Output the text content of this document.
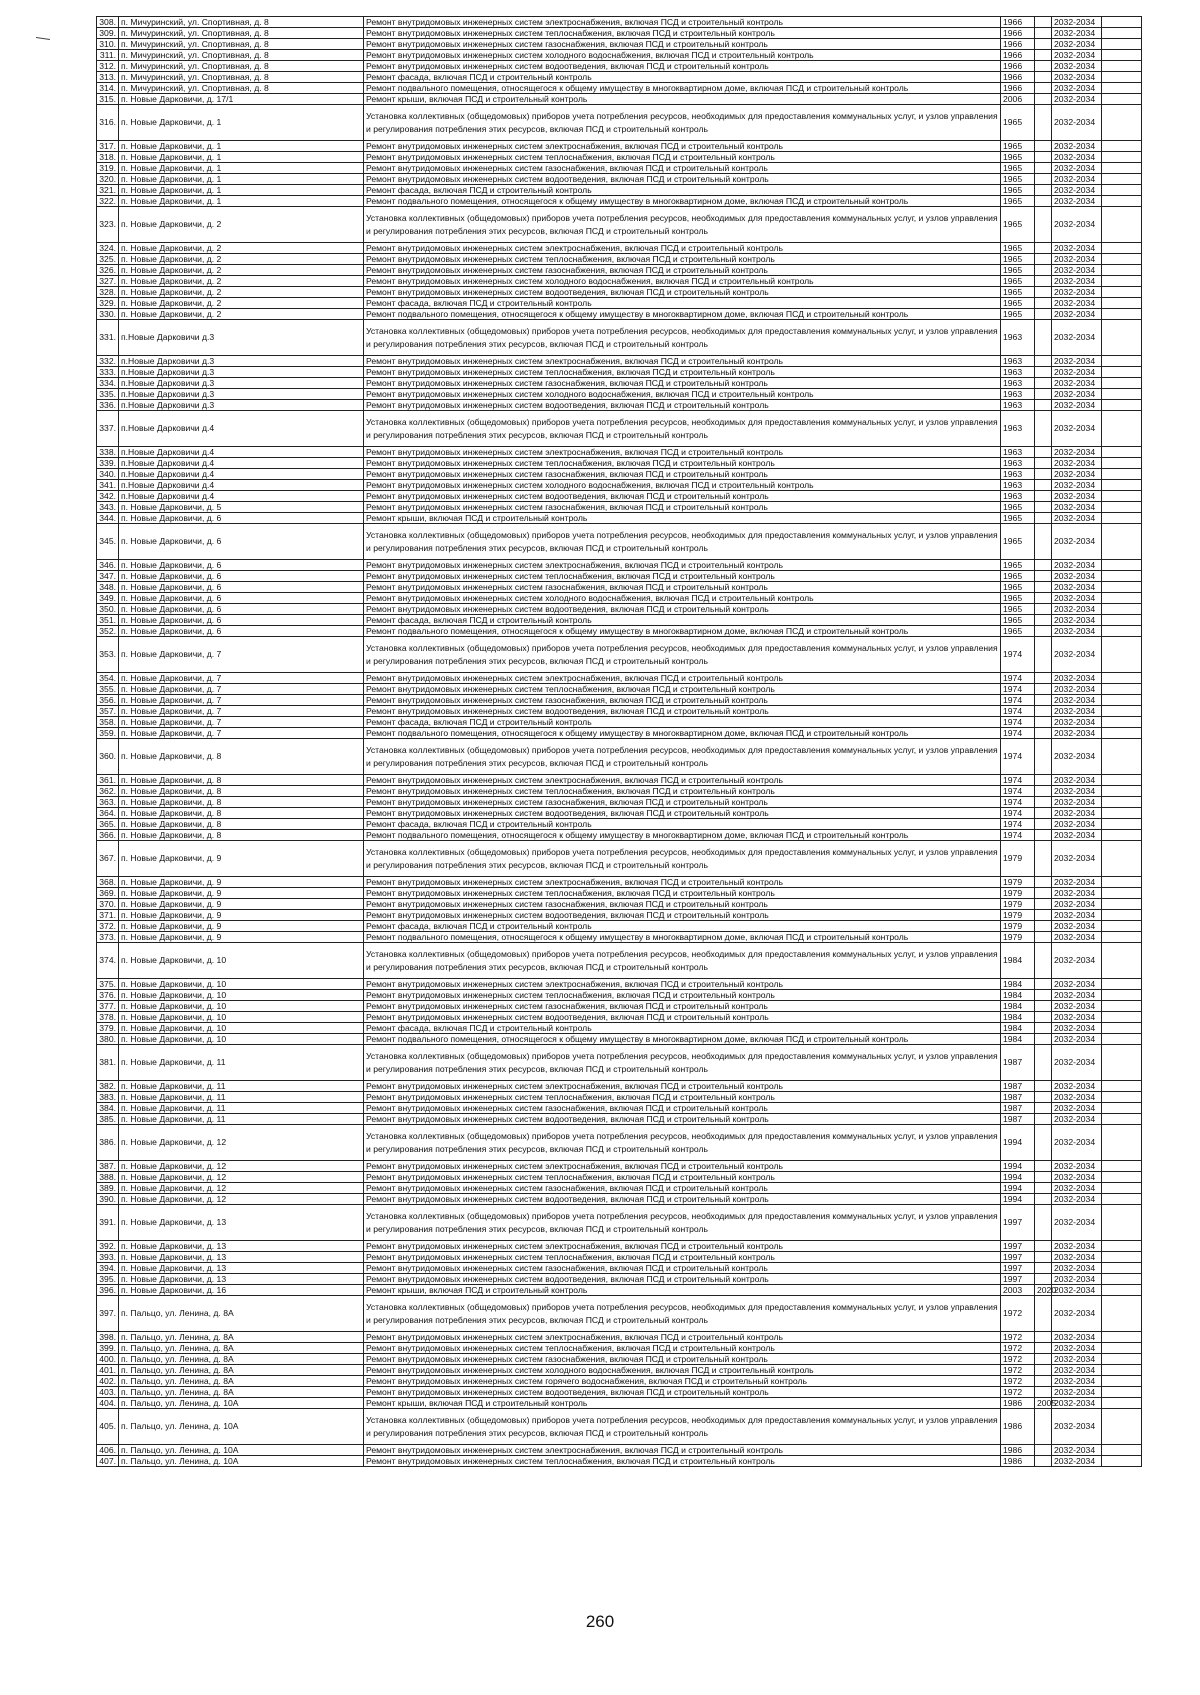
308.	п. Мичуринский, ул. Спортивная, д. 8	Ремонт внутридомовых инженерных систем электроснабжения, включая ПСД и строительный контроль	1966		2032-2034	
309.	п. Мичуринский, ул. Спортивная, д. 8	Ремонт внутридомовых инженерных систем теплоснабжения, включая ПСД и строительный контроль	1966		2032-2034	
310.	п. Мичуринский, ул. Спортивная, д. 8	Ремонт внутридомовых инженерных систем газоснабжения, включая ПСД и строительный контроль	1966		2032-2034	
311.	п. Мичуринский, ул. Спортивная, д. 8	Ремонт внутридомовых инженерных систем холодного водоснабжения, включая ПСД и строительный контроль	1966		2032-2034	
312.	п. Мичуринский, ул. Спортивная, д. 8	Ремонт внутридомовых инженерных систем водоотведения, включая ПСД и строительный контроль	1966		2032-2034	
313.	п. Мичуринский, ул. Спортивная, д. 8	Ремонт фасада, включая ПСД и строительный контроль	1966		2032-2034	
314.	п. Мичуринский, ул. Спортивная, д. 8	Ремонт подвального помещения, относящегося к общему имуществу в многоквартирном доме, включая ПСД и строительный контроль	1966		2032-2034	
315.	п. Новые Дарковичи, д. 17/1	Ремонт крыши, включая ПСД и строительный контроль	2006		2032-2034	
316.	п. Новые Дарковичи, д. 1	Установка коллективных (общедомовых) приборов учета потребления ресурсов, необходимых для предоставления коммунальных услуг, и узлов управления и регулирования потребления этих ресурсов, включая ПСД и строительный контроль	1965		2032-2034	
317.	п. Новые Дарковичи, д. 1	Ремонт внутридомовых инженерных систем электроснабжения, включая ПСД и строительный контроль	1965		2032-2034	
318.	п. Новые Дарковичи, д. 1	Ремонт внутридомовых инженерных систем теплоснабжения, включая ПСД и строительный контроль	1965		2032-2034	
319.	п. Новые Дарковичи, д. 1	Ремонт внутридомовых инженерных систем газоснабжения, включая ПСД и строительный контроль	1965		2032-2034	
320.	п. Новые Дарковичи, д. 1	Ремонт внутридомовых инженерных систем водоотведения, включая ПСД и строительный контроль	1965		2032-2034	
321.	п. Новые Дарковичи, д. 1	Ремонт фасада, включая ПСД и строительный контроль	1965		2032-2034	
322.	п. Новые Дарковичи, д. 1	Ремонт подвального помещения, относящегося к общему имуществу в многоквартирном доме, включая ПСД и строительный контроль	1965		2032-2034	
323.	п. Новые Дарковичи, д. 2	Установка коллективных (общедомовых) приборов учета потребления ресурсов, необходимых для предоставления коммунальных услуг, и узлов управления и регулирования потребления этих ресурсов, включая ПСД и строительный контроль	1965		2032-2034	
324.	п. Новые Дарковичи, д. 2	Ремонт внутридомовых инженерных систем электроснабжения, включая ПСД и строительный контроль	1965		2032-2034	
325.	п. Новые Дарковичи, д. 2	Ремонт внутридомовых инженерных систем теплоснабжения, включая ПСД и строительный контроль	1965		2032-2034	
326.	п. Новые Дарковичи, д. 2	Ремонт внутридомовых инженерных систем газоснабжения, включая ПСД и строительный контроль	1965		2032-2034	
327.	п. Новые Дарковичи, д. 2	Ремонт внутридомовых инженерных систем холодного водоснабжения, включая ПСД и строительный контроль	1965		2032-2034	
328.	п. Новые Дарковичи, д. 2	Ремонт внутридомовых инженерных систем водоотведения, включая ПСД и строительный контроль	1965		2032-2034	
329.	п. Новые Дарковичи, д. 2	Ремонт фасада, включая ПСД и строительный контроль	1965		2032-2034	
330.	п. Новые Дарковичи, д. 2	Ремонт подвального помещения, относящегося к общему имуществу в многоквартирном доме, включая ПСД и строительный контроль	1965		2032-2034	
331.	п.Новые Дарковичи д.3	Установка коллективных (общедомовых) приборов учета потребления ресурсов, необходимых для предоставления коммунальных услуг, и узлов управления и регулирования потребления этих ресурсов, включая ПСД и строительный контроль	1963		2032-2034	
332.	п.Новые Дарковичи д.3	Ремонт внутридомовых инженерных систем электроснабжения, включая ПСД и строительный контроль	1963		2032-2034	
333.	п.Новые Дарковичи д.3	Ремонт внутридомовых инженерных систем теплоснабжения, включая ПСД и строительный контроль	1963		2032-2034	
334.	п.Новые Дарковичи д.3	Ремонт внутридомовых инженерных систем газоснабжения, включая ПСД и строительный контроль	1963		2032-2034	
335.	п.Новые Дарковичи д.3	Ремонт внутридомовых инженерных систем холодного водоснабжения, включая ПСД и строительный контроль	1963		2032-2034	
336.	п.Новые Дарковичи д.3	Ремонт внутридомовых инженерных систем водоотведения, включая ПСД и строительный контроль	1963		2032-2034	
337.	п.Новые Дарковичи д.4	Установка коллективных (общедомовых) приборов учета потребления ресурсов, необходимых для предоставления коммунальных услуг, и узлов управления и регулирования потребления этих ресурсов, включая ПСД и строительный контроль	1963		2032-2034	
338.	п.Новые Дарковичи д.4	Ремонт внутридомовых инженерных систем электроснабжения, включая ПСД и строительный контроль	1963		2032-2034	
339.	п.Новые Дарковичи д.4	Ремонт внутридомовых инженерных систем теплоснабжения, включая ПСД и строительный контроль	1963		2032-2034	
340.	п.Новые Дарковичи д.4	Ремонт внутридомовых инженерных систем газоснабжения, включая ПСД и строительный контроль	1963		2032-2034	
341.	п.Новые Дарковичи д.4	Ремонт внутридомовых инженерных систем холодного водоснабжения, включая ПСД и строительный контроль	1963		2032-2034	
342.	п.Новые Дарковичи д.4	Ремонт внутридомовых инженерных систем водоотведения, включая ПСД и строительный контроль	1963		2032-2034	
343.	п. Новые Дарковичи, д. 5	Ремонт внутридомовых инженерных систем газоснабжения, включая ПСД и строительный контроль	1965		2032-2034	
344.	п. Новые Дарковичи, д. 6	Ремонт крыши, включая ПСД и строительный контроль	1965		2032-2034	
345.	п. Новые Дарковичи, д. 6	Установка коллективных (общедомовых) приборов учета потребления ресурсов, необходимых для предоставления коммунальных услуг, и узлов управления и регулирования потребления этих ресурсов, включая ПСД и строительный контроль	1965		2032-2034	
346.	п. Новые Дарковичи, д. 6	Ремонт внутридомовых инженерных систем электроснабжения, включая ПСД и строительный контроль	1965		2032-2034	
347.	п. Новые Дарковичи, д. 6	Ремонт внутридомовых инженерных систем теплоснабжения, включая ПСД и строительный контроль	1965		2032-2034	
348.	п. Новые Дарковичи, д. 6	Ремонт внутридомовых инженерных систем газоснабжения, включая ПСД и строительный контроль	1965		2032-2034	
349.	п. Новые Дарковичи, д. 6	Ремонт внутридомовых инженерных систем холодного водоснабжения, включая ПСД и строительный контроль	1965		2032-2034	
350.	п. Новые Дарковичи, д. 6	Ремонт внутридомовых инженерных систем водоотведения, включая ПСД и строительный контроль	1965		2032-2034	
351.	п. Новые Дарковичи, д. 6	Ремонт фасада, включая ПСД и строительный контроль	1965		2032-2034	
352.	п. Новые Дарковичи, д. 6	Ремонт подвального помещения, относящегося к общему имуществу в многоквартирном доме, включая ПСД и строительный контроль	1965		2032-2034	
353.	п. Новые Дарковичи, д. 7	Установка коллективных (общедомовых) приборов учета потребления ресурсов, необходимых для предоставления коммунальных услуг, и узлов управления и регулирования потребления этих ресурсов, включая ПСД и строительный контроль	1974		2032-2034	
354.	п. Новые Дарковичи, д. 7	Ремонт внутридомовых инженерных систем электроснабжения, включая ПСД и строительный контроль	1974		2032-2034	
355.	п. Новые Дарковичи, д. 7	Ремонт внутридомовых инженерных систем теплоснабжения, включая ПСД и строительный контроль	1974		2032-2034	
356.	п. Новые Дарковичи, д. 7	Ремонт внутридомовых инженерных систем газоснабжения, включая ПСД и строительный контроль	1974		2032-2034	
357.	п. Новые Дарковичи, д. 7	Ремонт внутридомовых инженерных систем водоотведения, включая ПСД и строительный контроль	1974		2032-2034	
358.	п. Новые Дарковичи, д. 7	Ремонт фасада, включая ПСД и строительный контроль	1974		2032-2034	
359.	п. Новые Дарковичи, д. 7	Ремонт подвального помещения, относящегося к общему имуществу в многоквартирном доме, включая ПСД и строительный контроль	1974		2032-2034	
360.	п. Новые Дарковичи, д. 8	Установка коллективных (общедомовых) приборов учета потребления ресурсов, необходимых для предоставления коммунальных услуг, и узлов управления и регулирования потребления этих ресурсов, включая ПСД и строительный контроль	1974		2032-2034	
361.	п. Новые Дарковичи, д. 8	Ремонт внутридомовых инженерных систем электроснабжения, включая ПСД и строительный контроль	1974		2032-2034	
362.	п. Новые Дарковичи, д. 8	Ремонт внутридомовых инженерных систем теплоснабжения, включая ПСД и строительный контроль	1974		2032-2034	
363.	п. Новые Дарковичи, д. 8	Ремонт внутридомовых инженерных систем газоснабжения, включая ПСД и строительный контроль	1974		2032-2034	
364.	п. Новые Дарковичи, д. 8	Ремонт внутридомовых инженерных систем водоотведения, включая ПСД и строительный контроль	1974		2032-2034	
365.	п. Новые Дарковичи, д. 8	Ремонт фасада, включая ПСД и строительный контроль	1974		2032-2034	
366.	п. Новые Дарковичи, д. 8	Ремонт подвального помещения, относящегося к общему имуществу в многоквартирном доме, включая ПСД и строительный контроль	1974		2032-2034	
367.	п. Новые Дарковичи, д. 9	Установка коллективных (общедомовых) приборов учета потребления ресурсов, необходимых для предоставления коммунальных услуг, и узлов управления и регулирования потребления этих ресурсов, включая ПСД и строительный контроль	1979		2032-2034	
368.	п. Новые Дарковичи, д. 9	Ремонт внутридомовых инженерных систем электроснабжения, включая ПСД и строительный контроль	1979		2032-2034	
369.	п. Новые Дарковичи, д. 9	Ремонт внутридомовых инженерных систем теплоснабжения, включая ПСД и строительный контроль	1979		2032-2034	
370.	п. Новые Дарковичи, д. 9	Ремонт внутридомовых инженерных систем газоснабжения, включая ПСД и строительный контроль	1979		2032-2034	
371.	п. Новые Дарковичи, д. 9	Ремонт внутридомовых инженерных систем водоотведения, включая ПСД и строительный контроль	1979		2032-2034	
372.	п. Новые Дарковичи, д. 9	Ремонт фасада, включая ПСД и строительный контроль	1979		2032-2034	
373.	п. Новые Дарковичи, д. 9	Ремонт подвального помещения, относящегося к общему имуществу в многоквартирном доме, включая ПСД и строительный контроль	1979		2032-2034	
374.	п. Новые Дарковичи, д. 10	Установка коллективных (общедомовых) приборов учета потребления ресурсов, необходимых для предоставления коммунальных услуг, и узлов управления и регулирования потребления этих ресурсов, включая ПСД и строительный контроль	1984		2032-2034	
375.	п. Новые Дарковичи, д. 10	Ремонт внутридомовых инженерных систем электроснабжения, включая ПСД и строительный контроль	1984		2032-2034	
376.	п. Новые Дарковичи, д. 10	Ремонт внутридомовых инженерных систем теплоснабжения, включая ПСД и строительный контроль	1984		2032-2034	
377.	п. Новые Дарковичи, д. 10	Ремонт внутридомовых инженерных систем газоснабжения, включая ПСД и строительный контроль	1984		2032-2034	
378.	п. Новые Дарковичи, д. 10	Ремонт внутридомовых инженерных систем водоотведения, включая ПСД и строительный контроль	1984		2032-2034	
379.	п. Новые Дарковичи, д. 10	Ремонт фасада, включая ПСД и строительный контроль	1984		2032-2034	
380.	п. Новые Дарковичи, д. 10	Ремонт подвального помещения, относящегося к общему имуществу в многоквартирном доме, включая ПСД и строительный контроль	1984		2032-2034	
381.	п. Новые Дарковичи, д. 11	Установка коллективных (общедомовых) приборов учета потребления ресурсов, необходимых для предоставления коммунальных услуг, и узлов управления и регулирования потребления этих ресурсов, включая ПСД и строительный контроль	1987		2032-2034	
382.	п. Новые Дарковичи, д. 11	Ремонт внутридомовых инженерных систем электроснабжения, включая ПСД и строительный контроль	1987		2032-2034	
383.	п. Новые Дарковичи, д. 11	Ремонт внутридомовых инженерных систем теплоснабжения, включая ПСД и строительный контроль	1987		2032-2034	
384.	п. Новые Дарковичи, д. 11	Ремонт внутридомовых инженерных систем газоснабжения, включая ПСД и строительный контроль	1987		2032-2034	
385.	п. Новые Дарковичи, д. 11	Ремонт внутридомовых инженерных систем водоотведения, включая ПСД и строительный контроль	1987		2032-2034	
386.	п. Новые Дарковичи, д. 12	Установка коллективных (общедомовых) приборов учета потребления ресурсов, необходимых для предоставления коммунальных услуг, и узлов управления и регулирования потребления этих ресурсов, включая ПСД и строительный контроль	1994		2032-2034	
387.	п. Новые Дарковичи, д. 12	Ремонт внутридомовых инженерных систем электроснабжения, включая ПСД и строительный контроль	1994		2032-2034	
388.	п. Новые Дарковичи, д. 12	Ремонт внутридомовых инженерных систем теплоснабжения, включая ПСД и строительный контроль	1994		2032-2034	
389.	п. Новые Дарковичи, д. 12	Ремонт внутридомовых инженерных систем газоснабжения, включая ПСД и строительный контроль	1994		2032-2034	
390.	п. Новые Дарковичи, д. 12	Ремонт внутридомовых инженерных систем водоотведения, включая ПСД и строительный контроль	1994		2032-2034	
391.	п. Новые Дарковичи, д. 13	Установка коллективных (общедомовых) приборов учета потребления ресурсов, необходимых для предоставления коммунальных услуг, и узлов управления и регулирования потребления этих ресурсов, включая ПСД и строительный контроль	1997		2032-2034	
392.	п. Новые Дарковичи, д. 13	Ремонт внутридомовых инженерных систем электроснабжения, включая ПСД и строительный контроль	1997		2032-2034	
393.	п. Новые Дарковичи, д. 13	Ремонт внутридомовых инженерных систем теплоснабжения, включая ПСД и строительный контроль	1997		2032-2034	
394.	п. Новые Дарковичи, д. 13	Ремонт внутридомовых инженерных систем газоснабжения, включая ПСД и строительный контроль	1997		2032-2034	
395.	п. Новые Дарковичи, д. 13	Ремонт внутридомовых инженерных систем водоотведения, включая ПСД и строительный контроль	1997		2032-2034	
396.	п. Новые Дарковичи, д. 16	Ремонт крыши, включая ПСД и строительный контроль	2003	2020	2032-2034	
397.	п. Пальцо, ул. Ленина, д. 8А	Установка коллективных (общедомовых) приборов учета потребления ресурсов, необходимых для предоставления коммунальных услуг, и узлов управления и регулирования потребления этих ресурсов, включая ПСД и строительный контроль	1972		2032-2034	
398.	п. Пальцо, ул. Ленина, д. 8А	Ремонт внутридомовых инженерных систем электроснабжения, включая ПСД и строительный контроль	1972		2032-2034	
399.	п. Пальцо, ул. Ленина, д. 8А	Ремонт внутридомовых инженерных систем теплоснабжения, включая ПСД и строительный контроль	1972		2032-2034	
400.	п. Пальцо, ул. Ленина, д. 8А	Ремонт внутридомовых инженерных систем газоснабжения, включая ПСД и строительный контроль	1972		2032-2034	
401.	п. Пальцо, ул. Ленина, д. 8А	Ремонт внутридомовых инженерных систем холодного водоснабжения, включая ПСД и строительный контроль	1972		2032-2034	
402.	п. Пальцо, ул. Ленина, д. 8А	Ремонт внутридомовых инженерных систем горячего водоснабжения, включая ПСД и строительный контроль	1972		2032-2034	
403.	п. Пальцо, ул. Ленина, д. 8А	Ремонт внутридомовых инженерных систем водоотведения, включая ПСД и строительный контроль	1972		2032-2034	
404.	п. Пальцо, ул. Ленина, д. 10А	Ремонт крыши, включая ПСД и строительный контроль	1986	2005	2032-2034	
405.	п. Пальцо, ул. Ленина, д. 10А	Установка коллективных (общедомовых) приборов учета потребления ресурсов, необходимых для предоставления коммунальных услуг, и узлов управления и регулирования потребления этих ресурсов, включая ПСД и строительный контроль	1986		2032-2034	
406.	п. Пальцо, ул. Ленина, д. 10А	Ремонт внутридомовых инженерных систем электроснабжения, включая ПСД и строительный контроль	1986		2032-2034	
407.	п. Пальцо, ул. Ленина, д. 10А	Ремонт внутридомовых инженерных систем теплоснабжения, включая ПСД и строительный контроль	1986		2032-2034	
260
